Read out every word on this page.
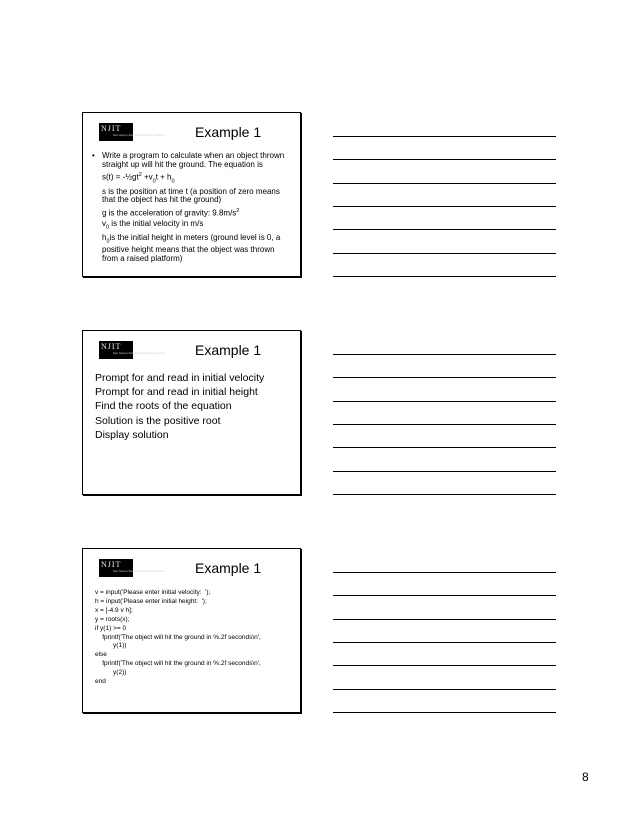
NJIT
New Jersey's Science & Technology University Example 1
• Write a program to calculate when an object thrown straight up will hit the ground. The equation is
$s(t) = -\frac{1}{2}gt^2 +v_0t + h_0$
s is the position at time t (a position of zero means that the object has hit the ground)
g is the acceleration of gravity: $9.8m/s^2$
$v_0$ is the initial velocity in m/s
$h_0is$ the initial height in meters (ground level is 0, a positive height means that the object was thrown from a raised platform)
NJIT
New Jersey's Science & Technology University Example 1
Prompt for and read in initial velocity
Prompt for and read in initial height
Find the roots of the equation
Solution is the positive root
Display solution
NJIT
New Jersey's Science & Technology University Example 1
v = input('Please enter initial velocity:  ');
h = input('Please enter initial height:  ');
x = [-4.9 v h];
y = roots(x);
if y(1) >= 0
fprintf('The object will hit the ground in %.2f seconds\n',
y(1))
else
fprintf('The object will hit the ground in %.2f seconds\n',
y(2))
end
8
